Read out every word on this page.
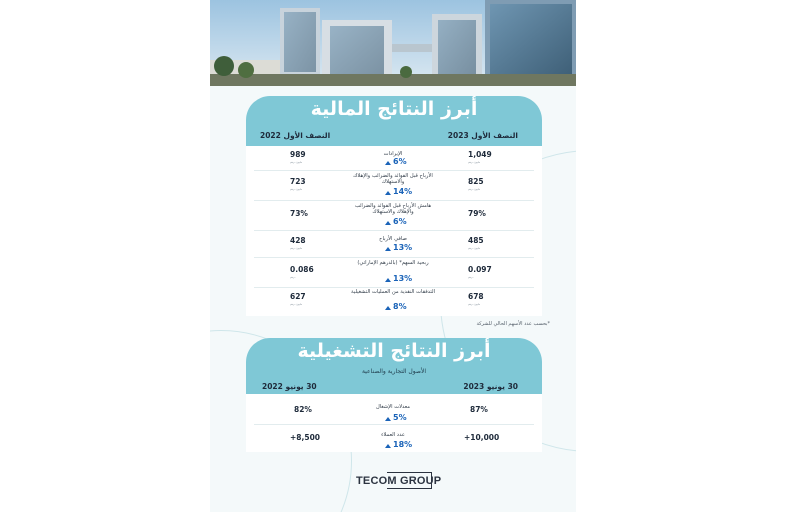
أبرز النتائج المالية
النصف الأول 2023
النصف الأول 2022
1,049
مليون درهم
الإيرادات
6%
989
مليون درهم
825
مليون درهم
الأرباح قبل الفوائد والضرائب والإهلاك والاستهلاك
14%
723
مليون درهم
79%
هامش الأرباح قبل الفوائد والضرائب والإهلاك والاستهلاك
6%
73%
485
مليون درهم
صافي الأرباح
13%
428
مليون درهم
0.097
درهم
ربحية السهم* (بالدرهم الإماراتي)
13%
0.086
درهم
678
مليون درهم
التدفقات النقدية من العمليات التشغيلية
8%
627
مليون درهم
*بحسب عدد الأسهم الحالي للشركة
أبرز النتائج التشغيلية
الأصول التجارية والصناعية
30 يونيو 2023
30 يونيو 2022
87%
معدلات الإشغال
5%
82%
+10,000
عدد العملاء
18%
+8,500
TECOM GROUP
